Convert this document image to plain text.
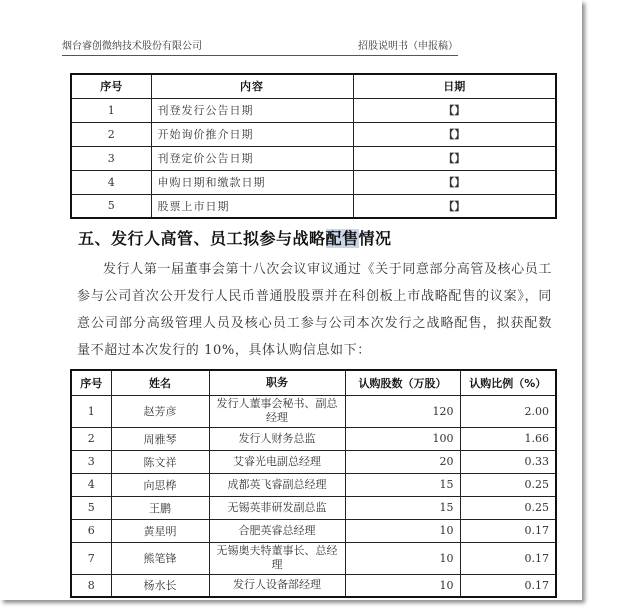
烟台睿创微纳技术股份有限公司	招股说明书（申报稿）
序号	内容	日期
1	刊登发行公告日期	【】
2	开始询价推介日期	【】
3	刊登定价公告日期	【】
4	申购日期和缴款日期	【】
5	股票上市日期	【】
五、发行人高管、员工拟参与战略配售情况
发行人第一届董事会第十八次会议审议通过《关于同意部分高管及核心员工参与公司首次公开发行人民币普通股股票并在科创板上市战略配售的议案》，同意公司部分高级管理人员及核心员工参与公司本次发行之战略配售，拟获配数量不超过本次发行的 10%，具体认购信息如下：
序号	姓名	职务	认购股数（万股）	认购比例（%）
1	赵芳彦	发行人董事会秘书、副总经理	120	2.00
2	周雅琴	发行人财务总监	100	1.66
3	陈文祥	艾睿光电副总经理	20	0.33
4	向思桦	成都英飞睿副总经理	15	0.25
5	王鹏	无锡英菲研发副总监	15	0.25
6	黄星明	合肥英睿总经理	10	0.17
7	熊笔锋	无锡奥夫特董事长、总经理	10	0.17
8	杨水长	发行人设备部经理	10	0.17
